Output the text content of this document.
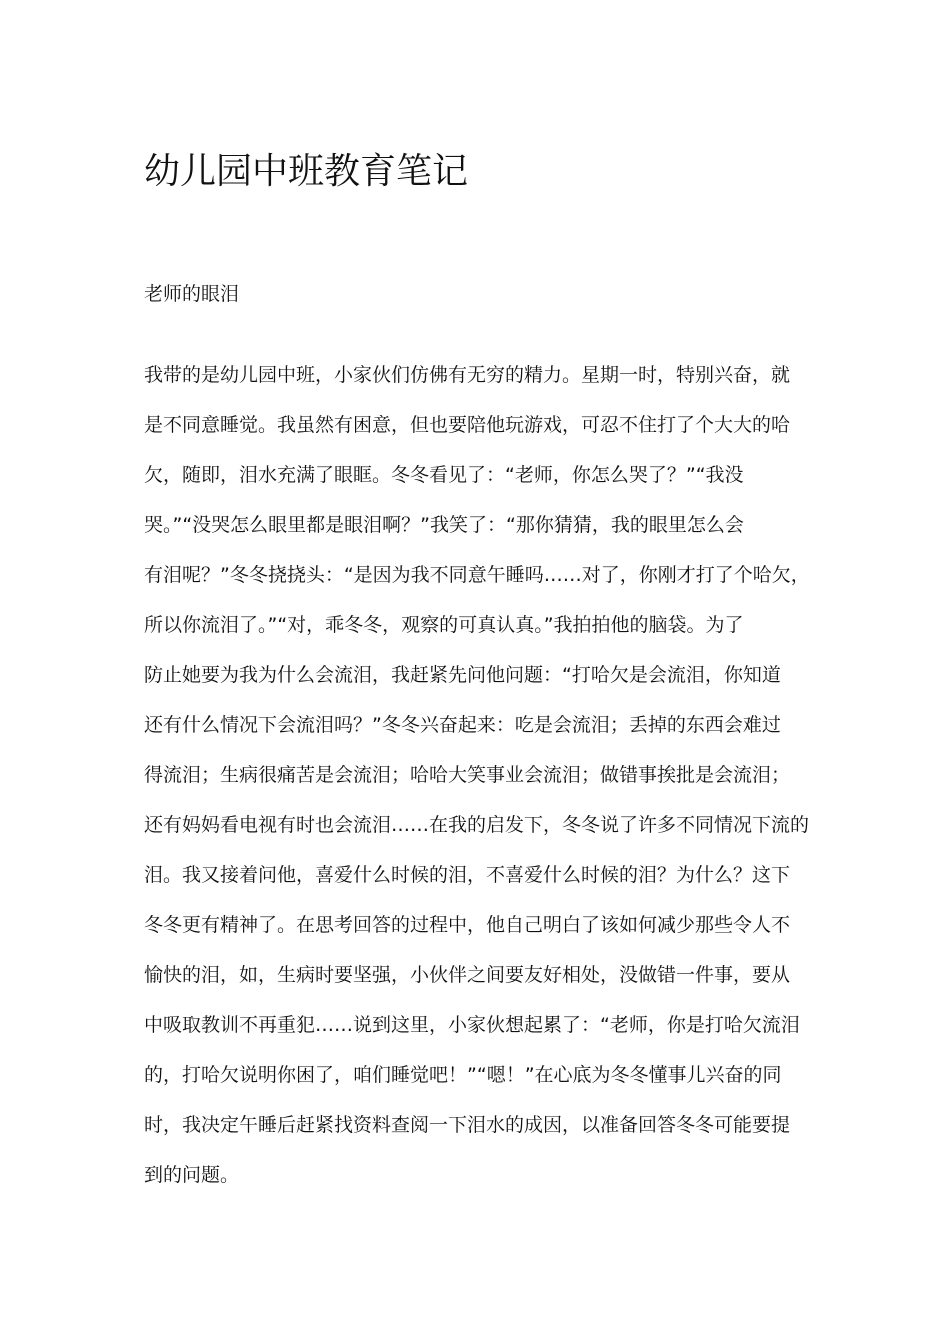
幼儿园中班教育笔记
老师的眼泪
我带的是幼儿园中班，小家伙们仿佛有无穷的精力。星期一时，特别兴奋，就
是不同意睡觉。我虽然有困意，但也要陪他玩游戏，可忍不住打了个大大的哈
欠，随即，泪水充满了眼眶。冬冬看见了：“老师，你怎么哭了？”“我没
哭。”“没哭怎么眼里都是眼泪啊？”我笑了：“那你猜猜，我的眼里怎么会
有泪呢？”冬冬挠挠头：“是因为我不同意午睡吗……对了，你刚才打了个哈欠，
所以你流泪了。”“对，乖冬冬，观察的可真认真。”我拍拍他的脑袋。为了
防止她要为我为什么会流泪，我赶紧先问他问题：“打哈欠是会流泪，你知道
还有什么情况下会流泪吗？”冬冬兴奋起来：吃是会流泪；丢掉的东西会难过
得流泪；生病很痛苦是会流泪；哈哈大笑事业会流泪；做错事挨批是会流泪；
还有妈妈看电视有时也会流泪……在我的启发下，冬冬说了许多不同情况下流的
泪。我又接着问他，喜爱什么时候的泪，不喜爱什么时候的泪？为什么？这下
冬冬更有精神了。在思考回答的过程中，他自己明白了该如何减少那些令人不
愉快的泪，如，生病时要坚强，小伙伴之间要友好相处，没做错一件事，要从
中吸取教训不再重犯……说到这里，小家伙想起累了：“老师，你是打哈欠流泪
的，打哈欠说明你困了，咱们睡觉吧！”“嗯！”在心底为冬冬懂事儿兴奋的同
时，我决定午睡后赶紧找资料查阅一下泪水的成因，以准备回答冬冬可能要提
到的问题。
